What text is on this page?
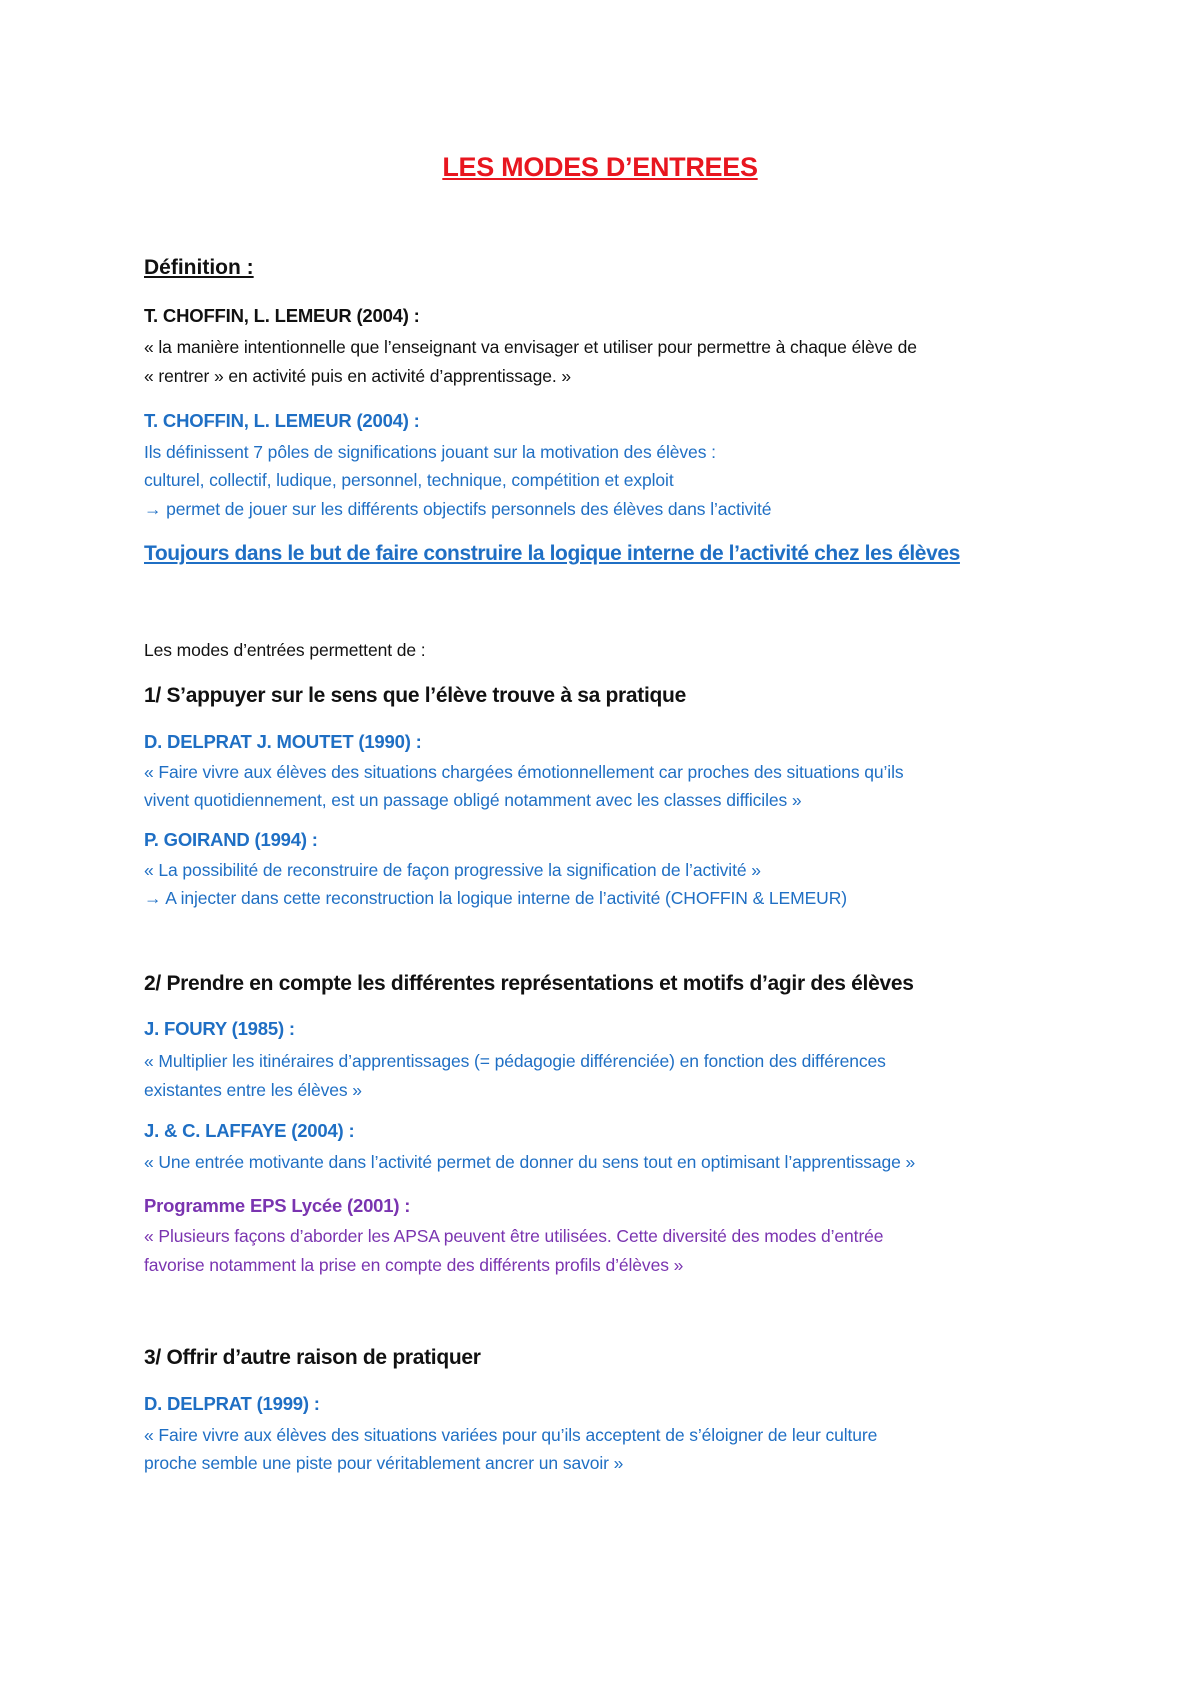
LES MODES D’ENTREES
Définition :
T. CHOFFIN, L. LEMEUR (2004) :
« la manière intentionnelle que l’enseignant va envisager et utiliser pour permettre à chaque élève de
« rentrer » en activité puis en activité d’apprentissage. »
T. CHOFFIN, L. LEMEUR (2004) :
Ils définissent 7 pôles de significations jouant sur la motivation des élèves :
culturel, collectif, ludique, personnel, technique, compétition et exploit
→ permet de jouer sur les différents objectifs personnels des élèves dans l’activité
Toujours dans le but de faire construire la logique interne de l’activité chez les élèves
Les modes d’entrées permettent de :
1/ S’appuyer sur le sens que l’élève trouve à sa pratique
D. DELPRAT J. MOUTET (1990) :
« Faire vivre aux élèves des situations chargées émotionnellement car proches des situations qu’ils
vivent quotidiennement, est un passage obligé notamment avec les classes difficiles »
P. GOIRAND (1994) :
« La possibilité de reconstruire de façon progressive la signification de l’activité »
→ A injecter dans cette reconstruction la logique interne de l’activité (CHOFFIN & LEMEUR)
2/ Prendre en compte les différentes représentations et motifs d’agir des élèves
J. FOURY (1985) :
« Multiplier les itinéraires d’apprentissages (= pédagogie différenciée) en fonction des différences
existantes entre les élèves »
J. & C. LAFFAYE (2004) :
« Une entrée motivante dans l’activité permet de donner du sens tout en optimisant l’apprentissage »
Programme EPS Lycée (2001) :
« Plusieurs façons d’aborder les APSA peuvent être utilisées. Cette diversité des modes d’entrée
favorise notamment la prise en compte des différents profils d’élèves »
3/ Offrir d’autre raison de pratiquer
D. DELPRAT (1999) :
« Faire vivre aux élèves des situations variées pour qu’ils acceptent de s’éloigner de leur culture
proche semble une piste pour véritablement ancrer un savoir »
